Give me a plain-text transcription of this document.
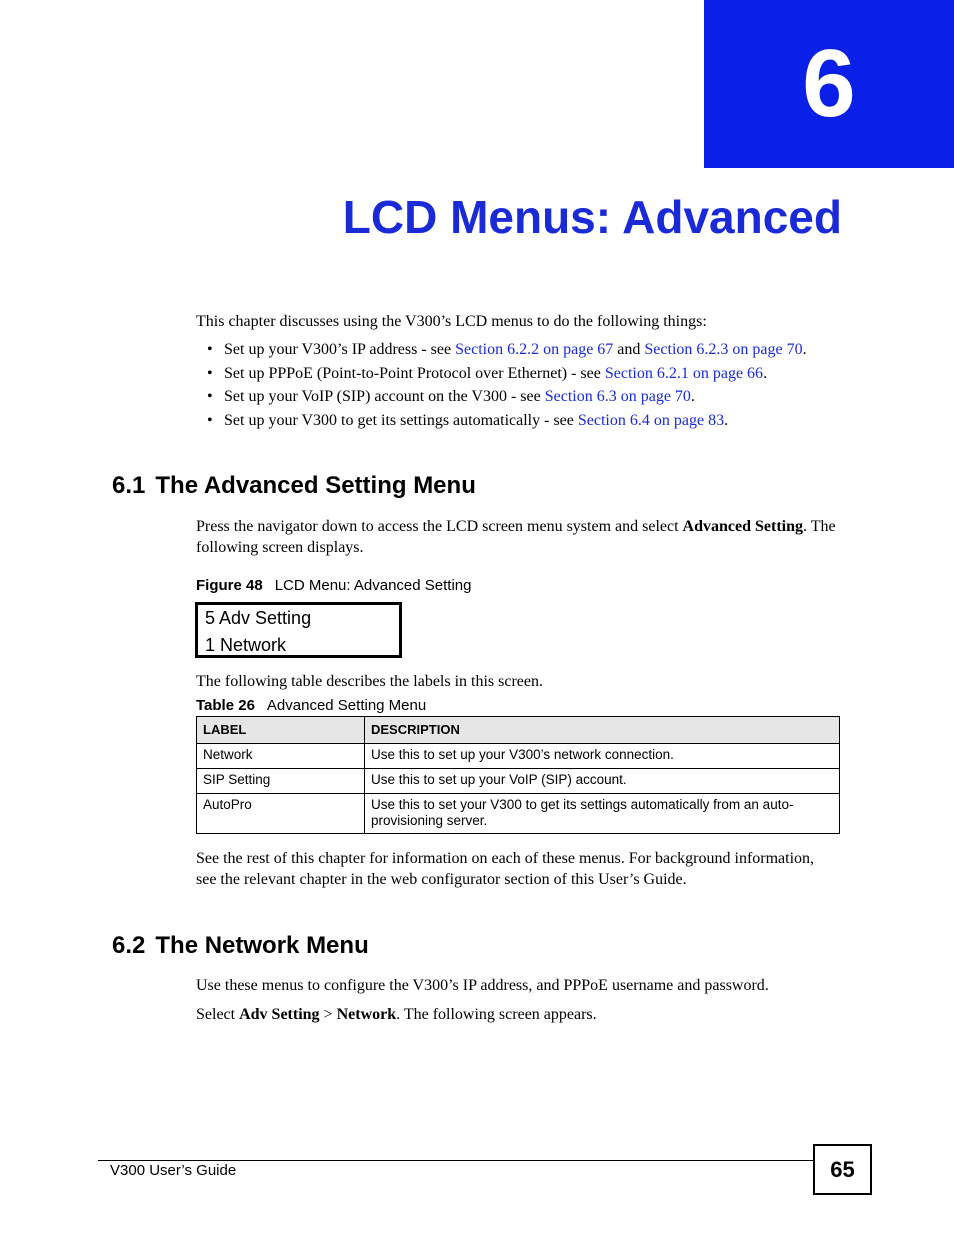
6
LCD Menus: Advanced
This chapter discusses using the V300’s LCD menus to do the following things:
• Set up your V300’s IP address - see Section 6.2.2 on page 67 and Section 6.2.3 on page 70.
• Set up PPPoE (Point-to-Point Protocol over Ethernet) - see Section 6.2.1 on page 66.
• Set up your VoIP (SIP) account on the V300 - see Section 6.3 on page 70.
• Set up your V300 to get its settings automatically - see Section 6.4 on page 83.
6.1 The Advanced Setting Menu
Press the navigator down to access the LCD screen menu system and select Advanced Setting. The following screen displays.
Figure 48 LCD Menu: Advanced Setting
5 Adv Setting
1 Network
The following table describes the labels in this screen.
Table 26 Advanced Setting Menu
LABEL	DESCRIPTION
Network	Use this to set up your V300’s network connection.
SIP Setting	Use this to set up your VoIP (SIP) account.
AutoPro	Use this to set your V300 to get its settings automatically from an auto-provisioning server.
See the rest of this chapter for information on each of these menus. For background information, see the relevant chapter in the web configurator section of this User’s Guide.
6.2 The Network Menu
Use these menus to configure the V300’s IP address, and PPPoE username and password.
Select Adv Setting > Network. The following screen appears.
V300 User’s Guide	65
